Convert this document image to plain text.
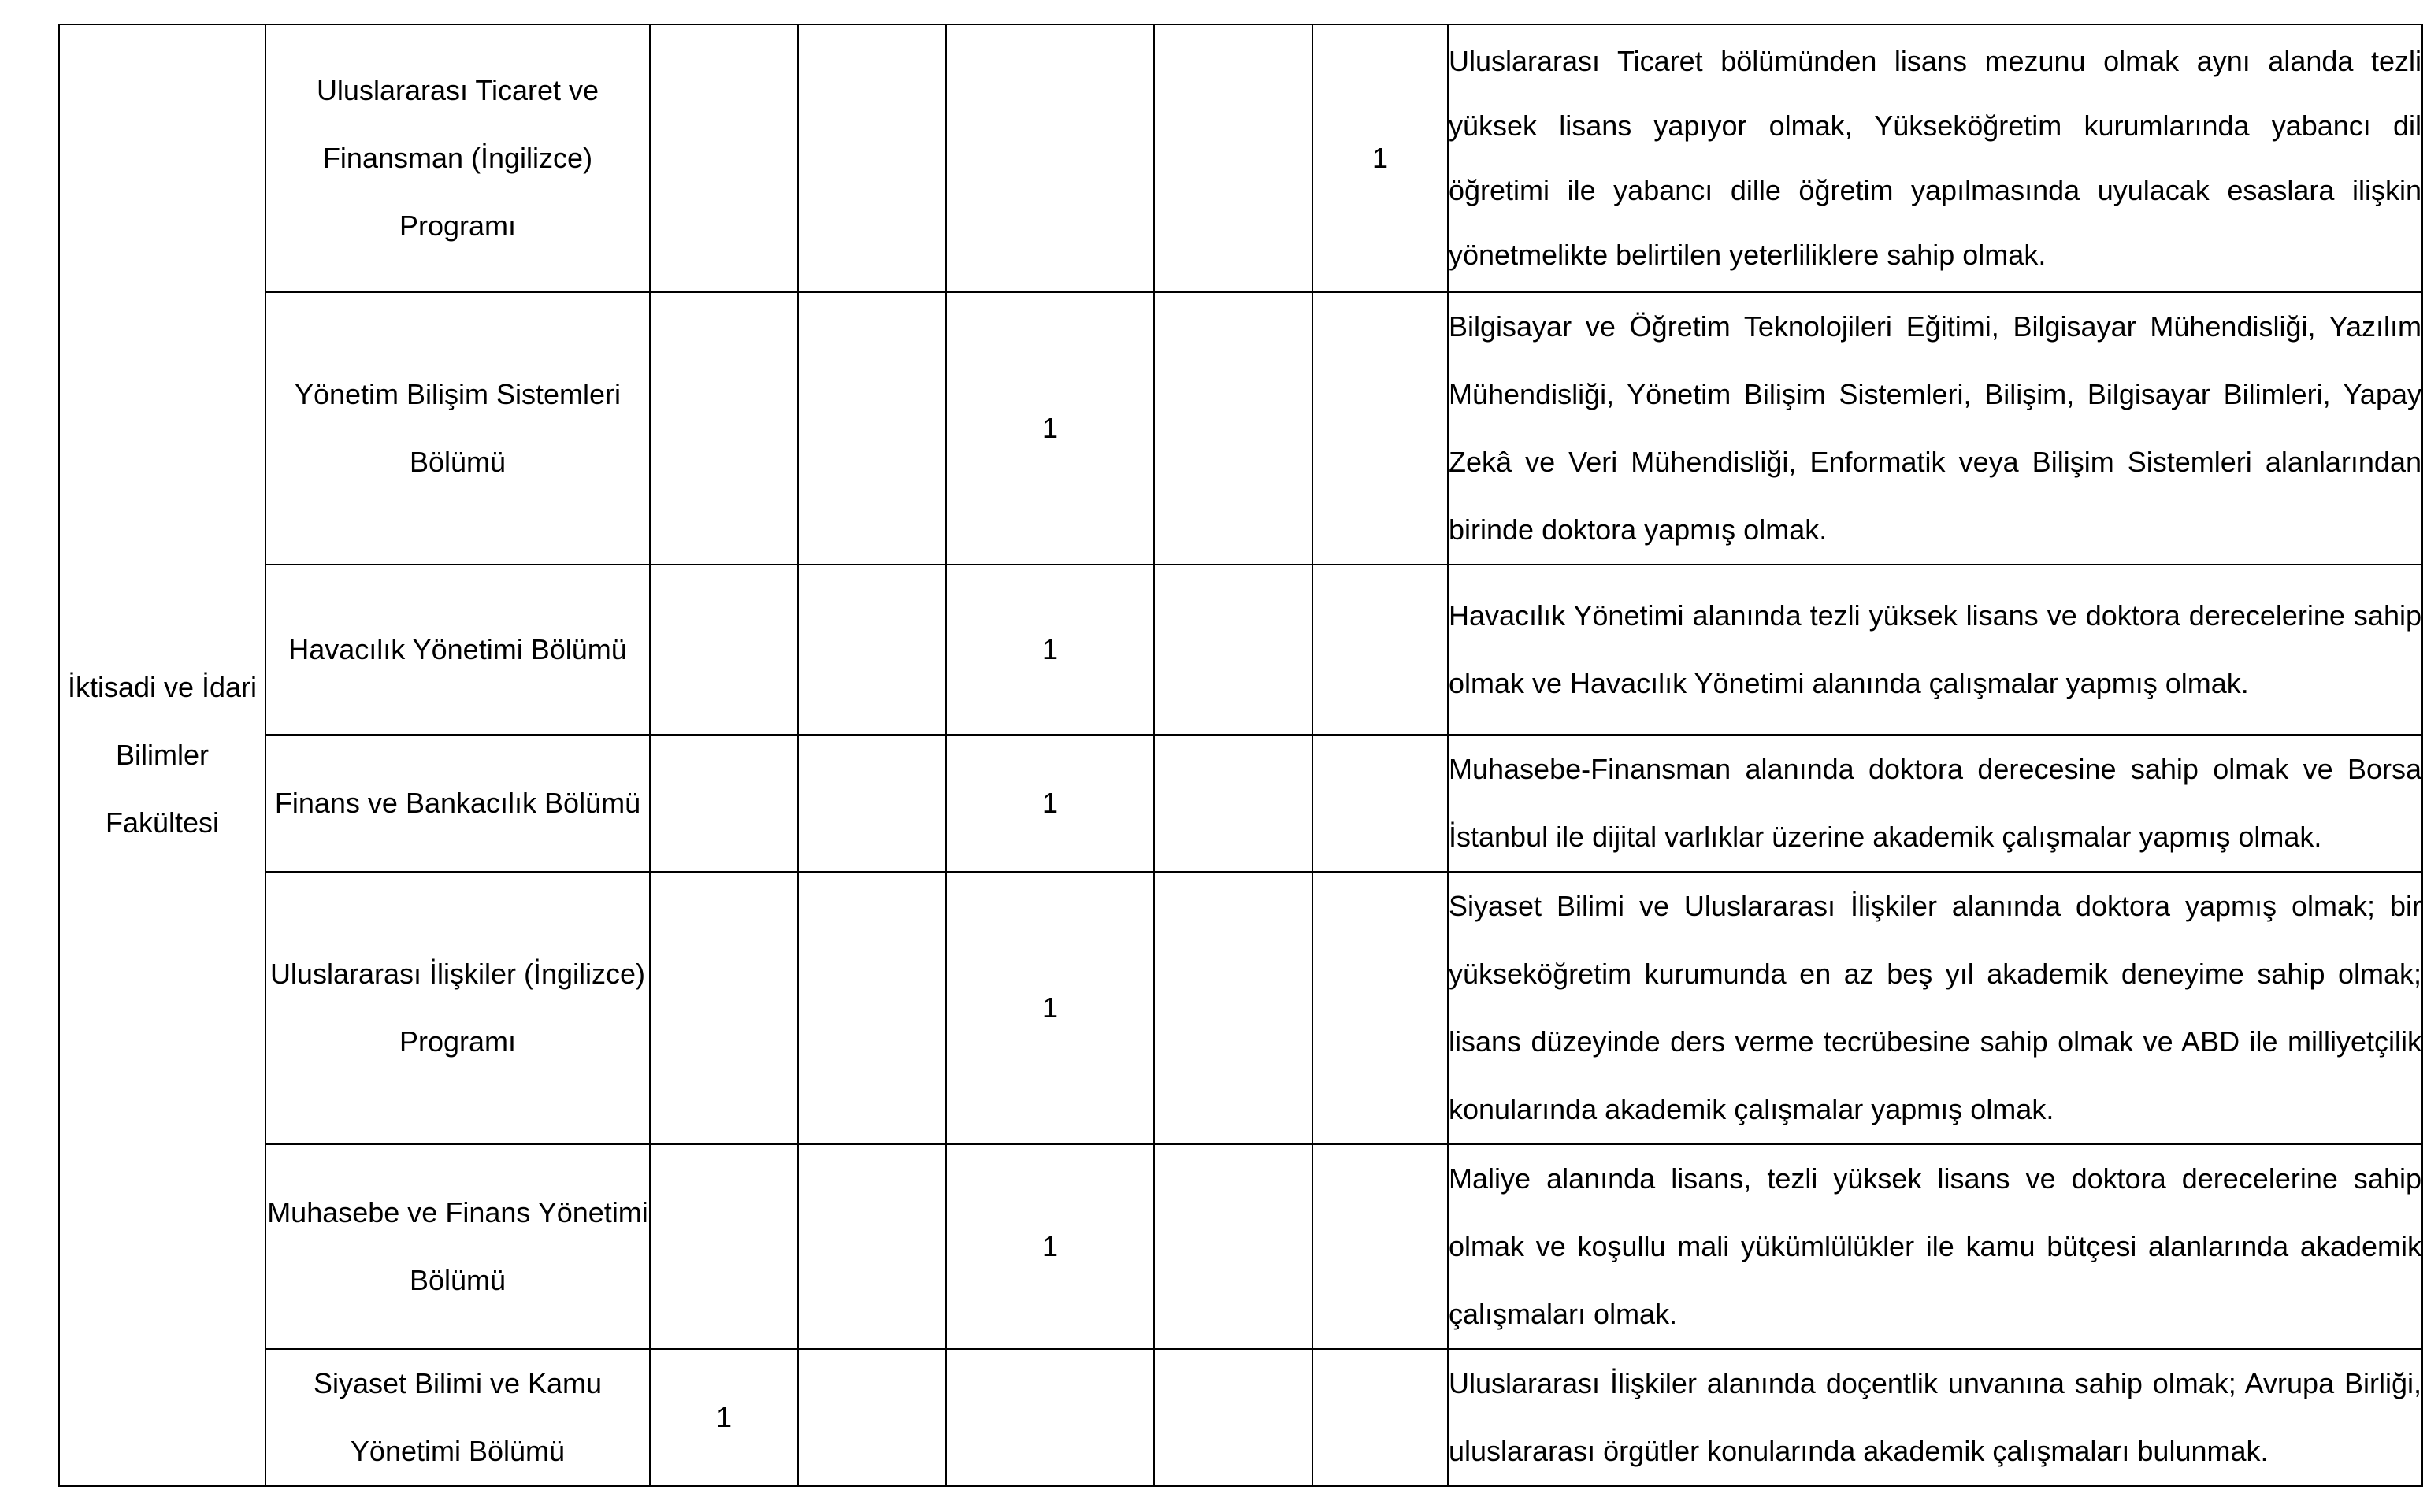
İktisadi ve İdari Bilimler Fakültesi	Uluslararası Ticaret ve Finansman (İngilizce) Programı					1	Uluslararası Ticaret bölümünden lisans mezunu olmak aynı alanda tezli yüksek lisans yapıyor olmak, Yükseköğretim kurumlarında yabancı dil öğretimi ile yabancı dille öğretim yapılmasında uyulacak esaslara ilişkin yönetmelikte belirtilen yeterliliklere sahip olmak.
	Yönetim Bilişim Sistemleri Bölümü			1			Bilgisayar ve Öğretim Teknolojileri Eğitimi, Bilgisayar Mühendisliği, Yazılım Mühendisliği, Yönetim Bilişim Sistemleri, Bilişim, Bilgisayar Bilimleri, Yapay Zekâ ve Veri Mühendisliği, Enformatik veya Bilişim Sistemleri alanlarından birinde doktora yapmış olmak.
	Havacılık Yönetimi Bölümü			1			Havacılık Yönetimi alanında tezli yüksek lisans ve doktora derecelerine sahip olmak ve Havacılık Yönetimi alanında çalışmalar yapmış olmak.
	Finans ve Bankacılık Bölümü			1			Muhasebe-Finansman alanında doktora derecesine sahip olmak ve Borsa İstanbul ile dijital varlıklar üzerine akademik çalışmalar yapmış olmak.
	Uluslararası İlişkiler (İngilizce) Programı			1			Siyaset Bilimi ve Uluslararası İlişkiler alanında doktora yapmış olmak; bir yükseköğretim kurumunda en az beş yıl akademik deneyime sahip olmak; lisans düzeyinde ders verme tecrübesine sahip olmak ve ABD ile milliyetçilik konularında akademik çalışmalar yapmış olmak.
	Muhasebe ve Finans Yönetimi Bölümü			1			Maliye alanında lisans, tezli yüksek lisans ve doktora derecelerine sahip olmak ve koşullu mali yükümlülükler ile kamu bütçesi alanlarında akademik çalışmaları olmak.
	Siyaset Bilimi ve Kamu Yönetimi Bölümü	1					Uluslararası İlişkiler alanında doçentlik unvanına sahip olmak; Avrupa Birliği, uluslararası örgütler konularında akademik çalışmaları bulunmak.
